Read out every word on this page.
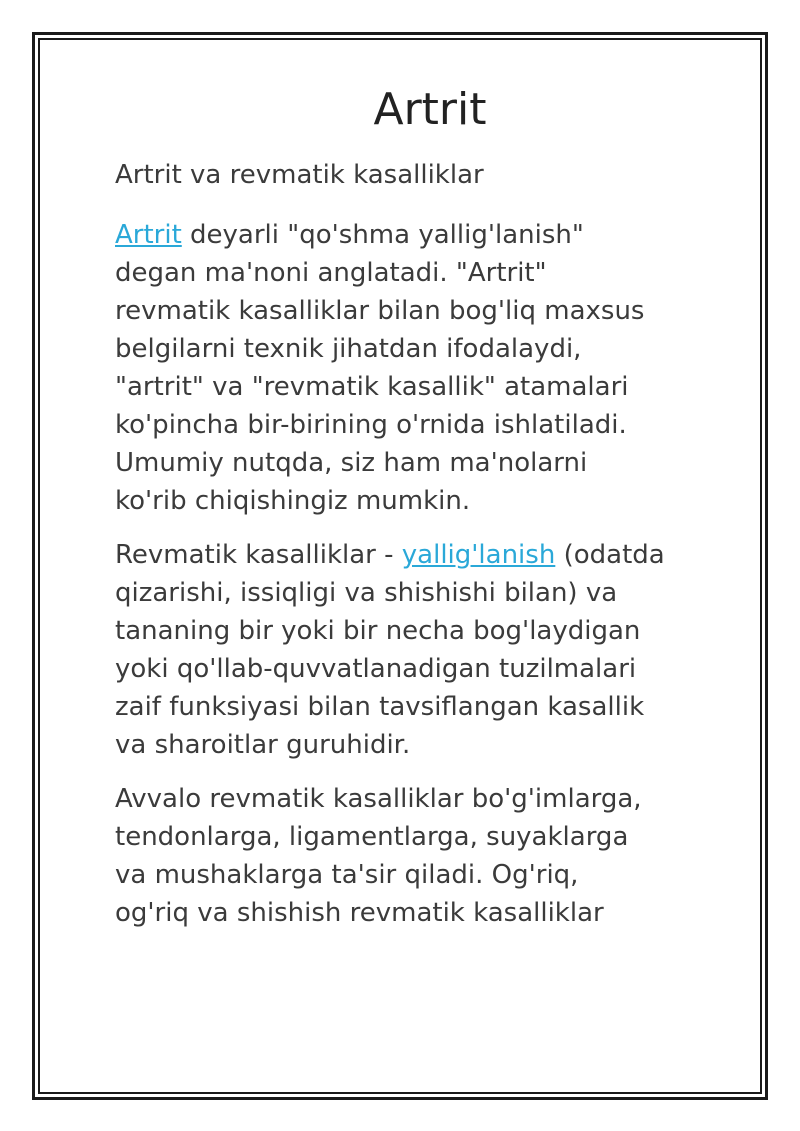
Artrit

Artrit va revmatik kasalliklar

Artrit deyarli "qo'shma yallig'lanish"
degan ma'noni anglatadi. "Artrit"
revmatik kasalliklar bilan bog'liq maxsus
belgilarni texnik jihatdan ifodalaydi,
"artrit" va "revmatik kasallik" atamalari
ko'pincha bir-birining o'rnida ishlatiladi.
Umumiy nutqda, siz ham ma'nolarni
ko'rib chiqishingiz mumkin.

Revmatik kasalliklar - yallig'lanish (odatda
qizarishi, issiqligi va shishishi bilan) va
tananing bir yoki bir necha bog'laydigan
yoki qo'llab-quvvatlanadigan tuzilmalari
zaif funksiyasi bilan tavsiflangan kasallik
va sharoitlar guruhidir.

Avvalo revmatik kasalliklar bo'g'imlarga,
tendonlarga, ligamentlarga, suyaklarga
va mushaklarga ta'sir qiladi. Og'riq,
og'riq va shishish revmatik kasalliklar
